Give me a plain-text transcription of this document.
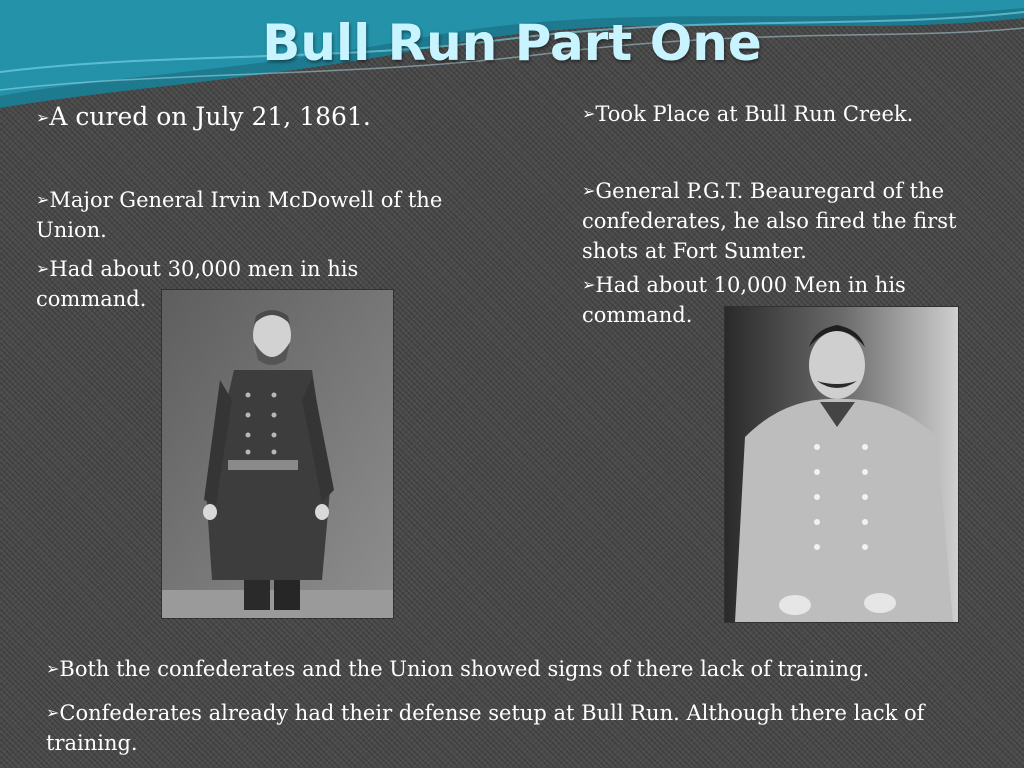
Bull Run Part One

➢A cured on July 21, 1861.

➢Major General Irvin McDowell of the Union.

➢Had about 30,000 men in his command.

➢Took Place at Bull Run Creek.

➢General P.G.T. Beauregard of the confederates, he also fired the first shots at Fort Sumter.

➢Had about 10,000 Men in his command.

➢Both the confederates and the Union showed signs of there lack of training.

➢Confederates already had their defense setup at Bull Run. Although there lack of training.
